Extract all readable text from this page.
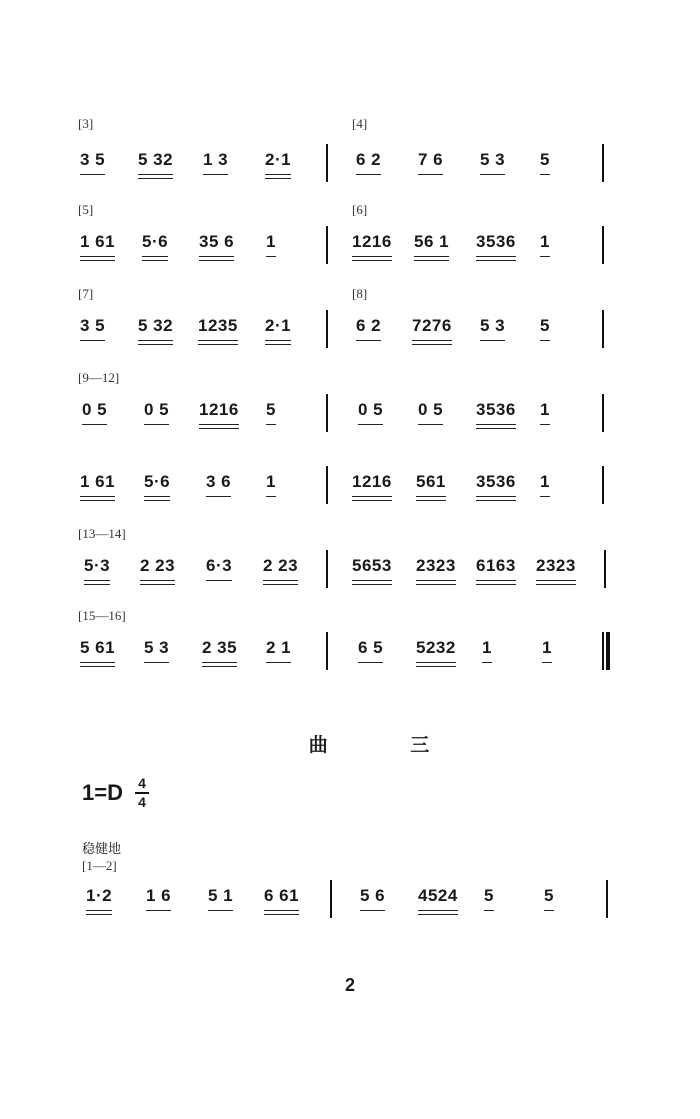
[3]	[4]
3 5 5 32 1 3 2·1	6 2 7 6 5 3 5
[5]	[6]
1 61 5·6 35 6 1	1216 56 1 3536 1
[7]	[8]
3 5 5 32 1235 2·1	6 2 7276 5 3 5
[9—12]
0 5 0 5 1216 5	0 5 0 5 3536 1
1 61 5·6 3 6 1	1216 561 3536 1
[13—14]
5·3 2 23 6·3 2 23	5653 2323 6163 2323
[15—16]
5 61 5 3 2 35 2 1	6 5 5232 1	1
曲 三
1=D 4
4
稳健地
[1—2]
1·2 1 6 5 1 6 61	5 6 4524 5	5
2
